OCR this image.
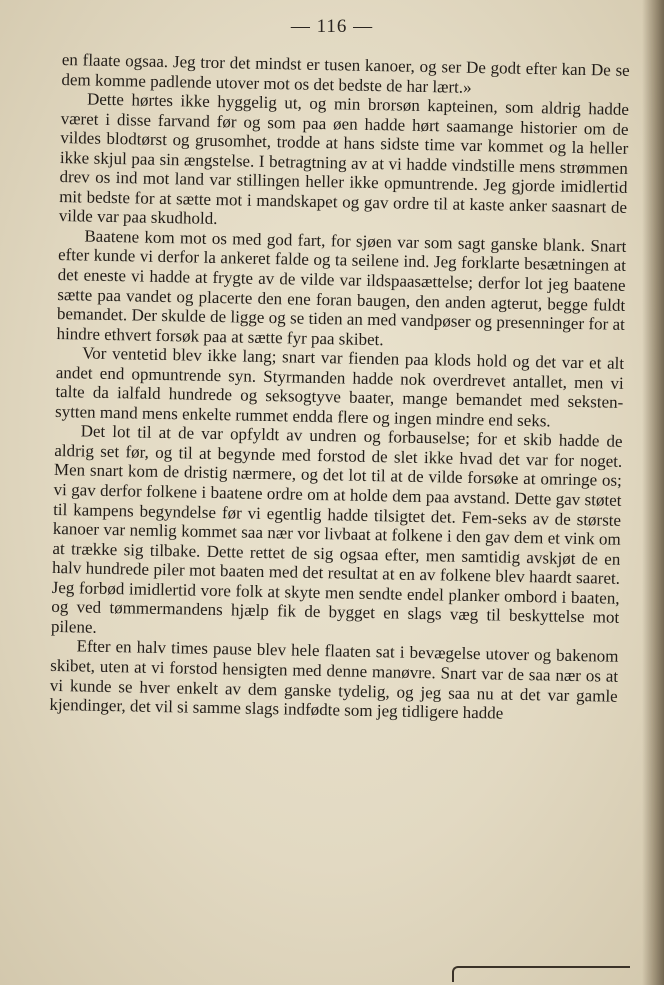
— 116 —

en flaate ogsaa. Jeg tror det mindst er tusen kanoer, og ser De godt efter kan De se dem komme padlende utover mot os det bedste de har lært.»

Dette hørtes ikke hyggelig ut, og min brorsøn kapteinen, som aldrig hadde været i disse farvand før og som paa øen hadde hørt saamange historier om de vildes blodtørst og grusomhet, trodde at hans sidste time var kommet og la heller ikke skjul paa sin ængstelse. I betragtning av at vi hadde vindstille mens strømmen drev os ind mot land var stillingen heller ikke opmuntrende. Jeg gjorde imidlertid mit bedste for at sætte mot i mandskapet og gav ordre til at kaste anker saasnart de vilde var paa skudhold.

Baatene kom mot os med god fart, for sjøen var som sagt ganske blank. Snart efter kunde vi derfor la ankeret falde og ta seilene ind. Jeg forklarte besætningen at det eneste vi hadde at frygte av de vilde var ildspaasættelse; derfor lot jeg baatene sætte paa vandet og placerte den ene foran baugen, den anden agterut, begge fuldt bemandet. Der skulde de ligge og se tiden an med vandpøser og presenninger for at hindre ethvert forsøk paa at sætte fyr paa skibet.

Vor ventetid blev ikke lang; snart var fienden paa klods hold og det var et alt andet end opmuntrende syn. Styrmanden hadde nok overdrevet antallet, men vi talte da ialfald hundrede og seksogtyve baater, mange bemandet med seksten-sytten mand mens enkelte rummet endda flere og ingen mindre end seks.

Det lot til at de var opfyldt av undren og forbauselse; for et skib hadde de aldrig set før, og til at begynde med forstod de slet ikke hvad det var for noget. Men snart kom de dristig nærmere, og det lot til at de vilde forsøke at omringe os; vi gav derfor folkene i baatene ordre om at holde dem paa avstand. Dette gav støtet til kampens begyndelse før vi egentlig hadde tilsigtet det. Fem-seks av de største kanoer var nemlig kommet saa nær vor livbaat at folkene i den gav dem et vink om at trække sig tilbake. Dette rettet de sig ogsaa efter, men samtidig avskjøt de en halv hundrede piler mot baaten med det resultat at en av folkene blev haardt saaret. Jeg forbød imidlertid vore folk at skyte men sendte endel planker ombord i baaten, og ved tømmermandens hjælp fik de bygget en slags væg til beskyttelse mot pilene.

Efter en halv times pause blev hele flaaten sat i bevægelse utover og bakenom skibet, uten at vi forstod hensigten med denne manøvre. Snart var de saa nær os at vi kunde se hver enkelt av dem ganske tydelig, og jeg saa nu at det var gamle kjendinger, det vil si samme slags indfødte som jeg tidligere hadde
